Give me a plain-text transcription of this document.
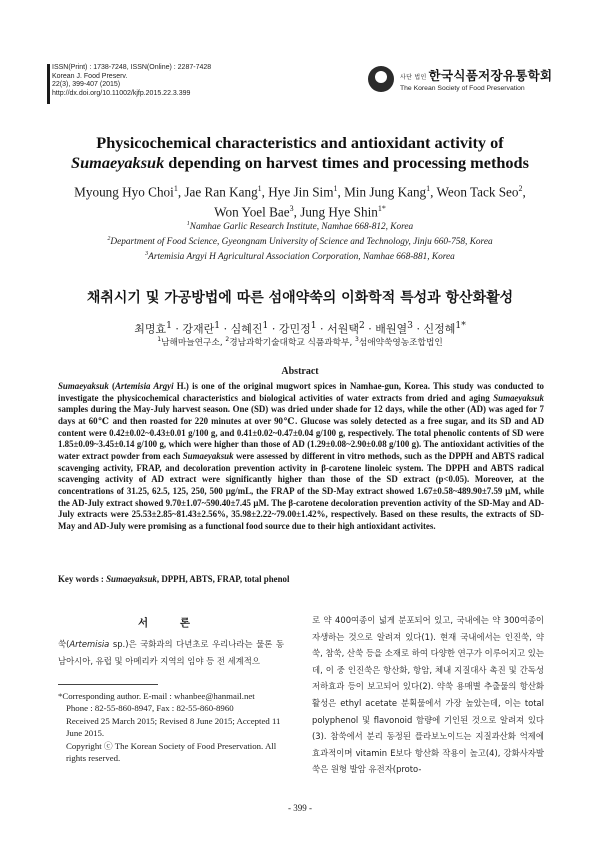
ISSN(Print) : 1738-7248, ISSN(Online) : 2287-7428
Korean J. Food Preserv.
22(3), 399-407 (2015)
http://dx.doi.org/10.11002/kjfp.2015.22.3.399
사단 법인 한국식품저장유통학회
The Korean Society of Food Preservation
Physicochemical characteristics and antioxidant activity of
Sumaeyaksuk depending on harvest times and processing methods
Myoung Hyo Choi$^1$, Jae Ran Kang$^1$, Hye Jin Sim$^1$, Min Jung Kang$^1$, Weon Tack Seo$^2$,
Won Yoel Bae$^3$, Jung Hye Shin$^{1*}$
$^1$Namhae Garlic Research Institute, Namhae 668-812, Korea
$^2$Department of Food Science, Gyeongnam University of Science and Technology, Jinju 660-758, Korea
$^3$Artemisia Argyi H Agricultural Association Corporation, Namhae 668-881, Korea
채취시기 및 가공방법에 따른 섬애약쑥의 이화학적 특성과 항산화활성
최명효$^1$ · 강재란$^1$ · 심혜진$^1$ · 강민정$^1$ · 서원택$^2$ · 배원열$^3$ · 신정혜$^{1*}$
$^1$남해마늘연구소, $^2$경남과학기술대학교 식품과학부, $^3$섬애약쑥영농조합법인
Abstract
Sumaeyaksuk (Artemisia Argyi H.) is one of the original mugwort spices in Namhae-gun, Korea. This study was conducted to investigate the physicochemical characteristics and biological activities of water extracts from dried and aging Sumaeyaksuk samples during the May-July harvest season. One (SD) was dried under shade for 12 days, while the other (AD) was aged for 7 days at 60℃ and then roasted for 220 minutes at over 90℃. Glucose was solely detected as a free sugar, and its SD and AD content were 0.42±0.02~0.43±0.01 g/100 g, and 0.41±0.02~0.47±0.04 g/100 g, respectively. The total phenolic contents of SD were 1.85±0.09~3.45±0.14 g/100 g, which were higher than those of AD (1.29±0.08~2.90±0.08 g/100 g). The antioxidant activities of the water extract powder from each Sumaeyaksuk were assessed by different in vitro methods, such as the DPPH and ABTS radical scavenging activity, FRAP, and decoloration prevention activity in β-carotene linoleic system. The DPPH and ABTS radical scavenging activity of AD extract were significantly higher than those of the SD extract (p<0.05). Moreover, at the concentrations of 31.25, 62.5, 125, 250, 500 μg/mL, the FRAP of the SD-May extract showed 1.67±0.58~489.90±7.59 μM, while the AD-July extract showed 9.70±1.07~590.40±7.45 μM. The β-carotene decoloration prevention activity of the SD-May and AD-July extracts were 25.53±2.85~81.43±2.56%, 35.98±2.22~79.00±1.42%, respectively. Based on these results, the extracts of SD-May and AD-July were promising as a functional food source due to their high antioxidant activites.
Key words : Sumaeyaksuk, DPPH, ABTS, FRAP, total phenol
서 론
쑥(Artemisia sp.)은 국화과의 다년초로 우리나라는 물론 동남아시아, 유럽 및 아메리카 지역의 임야 등 전 세계적으
*Corresponding author. E-mail : whanbee@hanmail.net
Phone : 82-55-860-8947, Fax : 82-55-860-8960
Received 25 March 2015; Revised 8 June 2015; Accepted 11 June 2015.
Copyright ⓒ The Korean Society of Food Preservation. All rights reserved.
로 약 400여종이 넓게 분포되어 있고, 국내에는 약 300여종이 자생하는 것으로 알려져 있다(1). 현재 국내에서는 인진쑥, 약쑥, 참쑥, 산쑥 등을 소재로 하여 다양한 연구가 이루어지고 있는데, 이 중 인진쑥은 항산화, 항암, 체내 지질대사 촉진 및 간독성 저하효과 등이 보고되어 있다(2). 약쑥 용매별 추출물의 항산화 활성은 ethyl acetate 분획물에서 가장 높았는데, 이는 total polyphenol 및 flavonoid 함량에 기인된 것으로 알려져 있다(3). 참쑥에서 분리 동정된 플라보노이드는 지질과산화 억제에 효과적이며 vitamin E보다 항산화 작용이 높고(4), 강화사자발쑥은 원형 발암 유전자(proto-
- 399 -
